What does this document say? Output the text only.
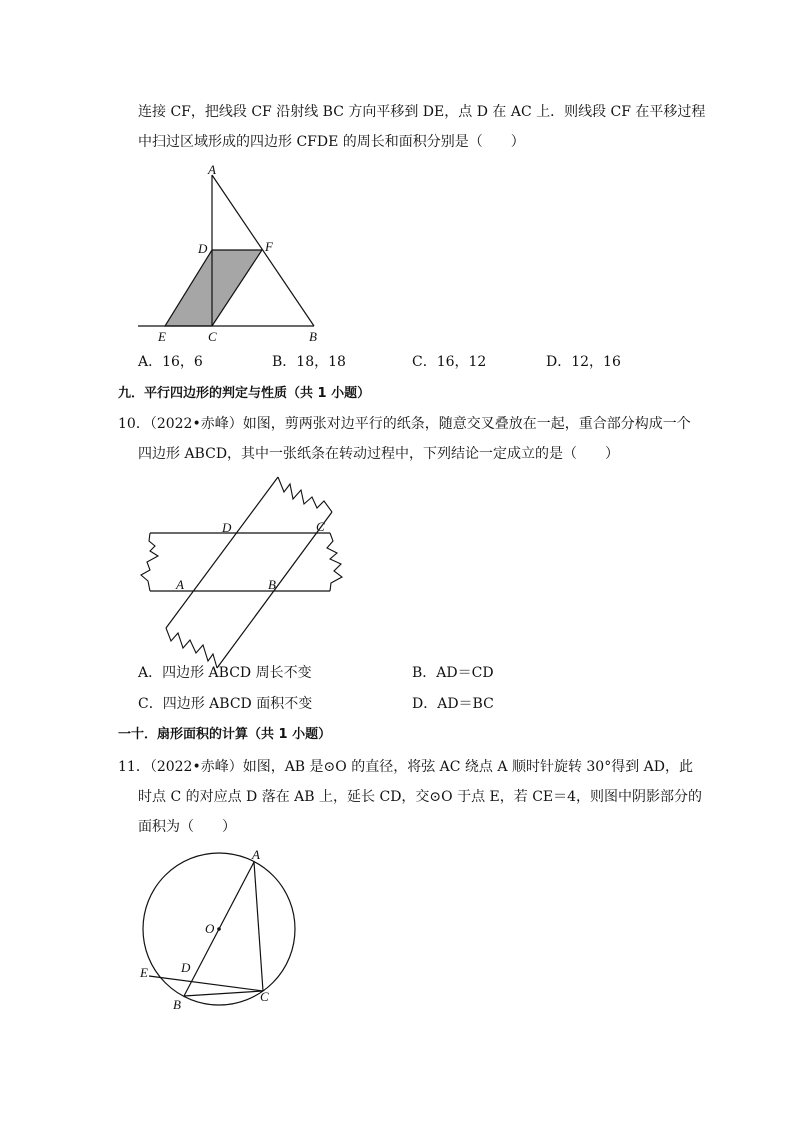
连接 CF，把线段 CF 沿射线 BC 方向平移到 DE，点 D 在 AC 上．则线段 CF 在平移过程
中扫过区域形成的四边形 CFDE 的周长和面积分别是（　　）
A
D	F
E	C	B
A．16，6	B．18，18	C．16，12	D．12，16
九．平行四边形的判定与性质（共 1 小题）
10．（2022•赤峰）如图，剪两张对边平行的纸条，随意交叉叠放在一起，重合部分构成一个
四边形 ABCD，其中一张纸条在转动过程中，下列结论一定成立的是（　　）
D	C
A	B
A．四边形 ABCD 周长不变	B．AD＝CD
C．四边形 ABCD 面积不变	D．AD＝BC
一十．扇形面积的计算（共 1 小题）
11．（2022•赤峰）如图，AB 是⊙O 的直径，将弦 AC 绕点 A 顺时针旋转 30°得到 AD，此
时点 C 的对应点 D 落在 AB 上，延长 CD，交⊙O 于点 E，若 CE＝4，则图中阴影部分的
面积为（　　）
A
O
E	D
B
C
